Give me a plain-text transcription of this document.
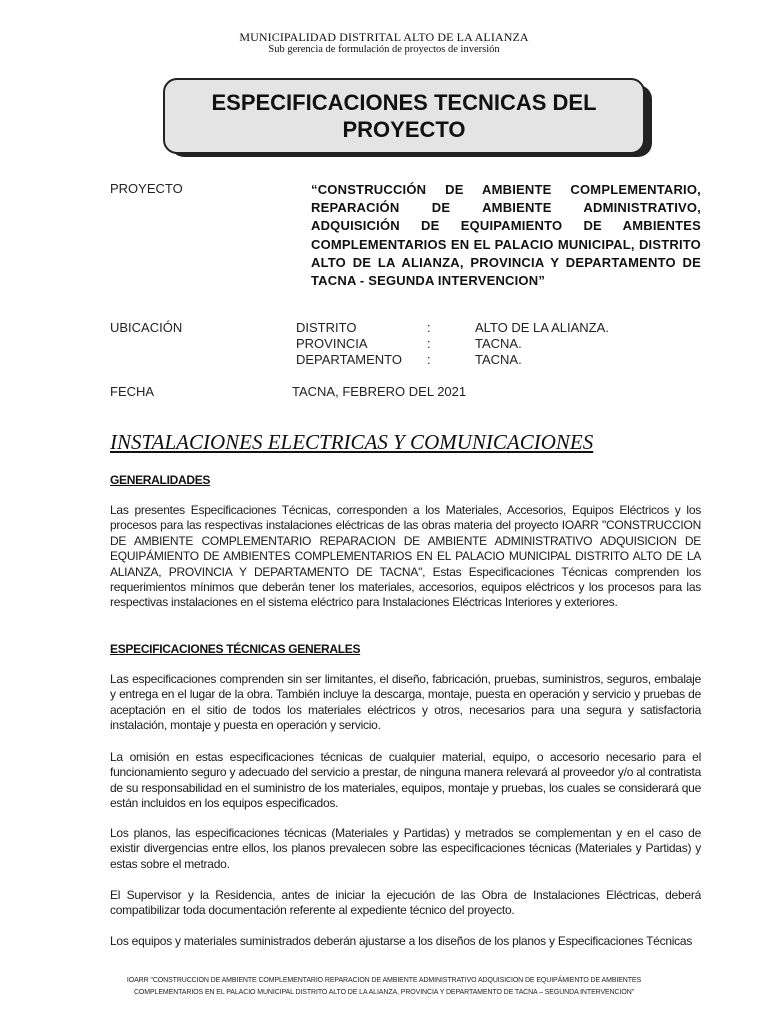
MUNICIPALIDAD DISTRITAL ALTO DE LA ALIANZA
Sub gerencia de formulación de proyectos de inversión
ESPECIFICACIONES TECNICAS DEL PROYECTO
PROYECTO	“CONSTRUCCIÓN DE AMBIENTE COMPLEMENTARIO, REPARACIÓN DE AMBIENTE ADMINISTRATIVO, ADQUISICIÓN DE EQUIPAMIENTO DE AMBIENTES COMPLEMENTARIOS EN EL PALACIO MUNICIPAL, DISTRITO ALTO DE LA ALIANZA, PROVINCIA Y DEPARTAMENTO DE TACNA - SEGUNDA INTERVENCION”
UBICACIÓN	DISTRITO	:	ALTO DE LA ALIANZA.
PROVINCIA	:	TACNA.
DEPARTAMENTO :	TACNA.
FECHA	TACNA, FEBRERO DEL 2021
INSTALACIONES ELECTRICAS Y COMUNICACIONES
GENERALIDADES
Las presentes Especificaciones Técnicas, corresponden a los Materiales, Accesorios, Equipos Eléctricos y los procesos para las respectivas instalaciones eléctricas de las obras materia del proyecto IOARR "CONSTRUCCION DE AMBIENTE COMPLEMENTARIO REPARACION DE AMBIENTE ADMINISTRATIVO ADQUISICION DE EQUIPÁMIENTO DE AMBIENTES COMPLEMENTARIOS EN EL PALACIO MUNICIPAL DISTRITO ALTO DE LA ALIANZA, PROVINCIA Y DEPARTAMENTO DE TACNA", Estas Especificaciones Técnicas comprenden los requerimientos mínimos que deberán tener los materiales, accesorios, equipos eléctricos y los procesos para las respectivas instalaciones en el sistema eléctrico para Instalaciones Eléctricas Interiores y exteriores.
ESPECIFICACIONES TÉCNICAS GENERALES
Las especificaciones comprenden sin ser limitantes, el diseño, fabricación, pruebas, suministros, seguros, embalaje y entrega en el lugar de la obra. También incluye la descarga, montaje, puesta en operación y servicio y pruebas de aceptación en el sitio de todos los materiales eléctricos y otros, necesarios para una segura y satisfactoria instalación, montaje y puesta en operación y servicio.
La omisión en estas especificaciones técnicas de cualquier material, equipo, o accesorio necesario para el funcionamiento seguro y adecuado del servicio a prestar, de ninguna manera relevará al proveedor y/o al contratista de su responsabilidad en el suministro de los materiales, equipos, montaje y pruebas, los cuales se considerará que están incluidos en los equipos especificados.
Los planos, las especificaciones técnicas (Materiales y Partidas) y metrados se complementan y en el caso de existir divergencias entre ellos, los planos prevalecen sobre las especificaciones técnicas (Materiales y Partidas) y estas sobre el metrado.
El Supervisor y la Residencia, antes de iniciar la ejecución de las Obra de Instalaciones Eléctricas, deberá compatibilizar toda documentación referente al expediente técnico del proyecto.
Los equipos y materiales suministrados deberán ajustarse a los diseños de los planos y Especificaciones Técnicas
IOARR "CONSTRUCCION DE AMBIENTE COMPLEMENTARIO REPARACION DE AMBIENTE ADMINISTRATIVO ADQUISICION DE EQUIPÁMIENTO DE AMBIENTES
COMPLEMENTARIOS EN EL PALACIO MUNICIPAL DISTRITO ALTO DE LA ALIANZA, PROVINCIA Y DEPARTAMENTO DE TACNA – SEGUNDA INTERVENCION"
